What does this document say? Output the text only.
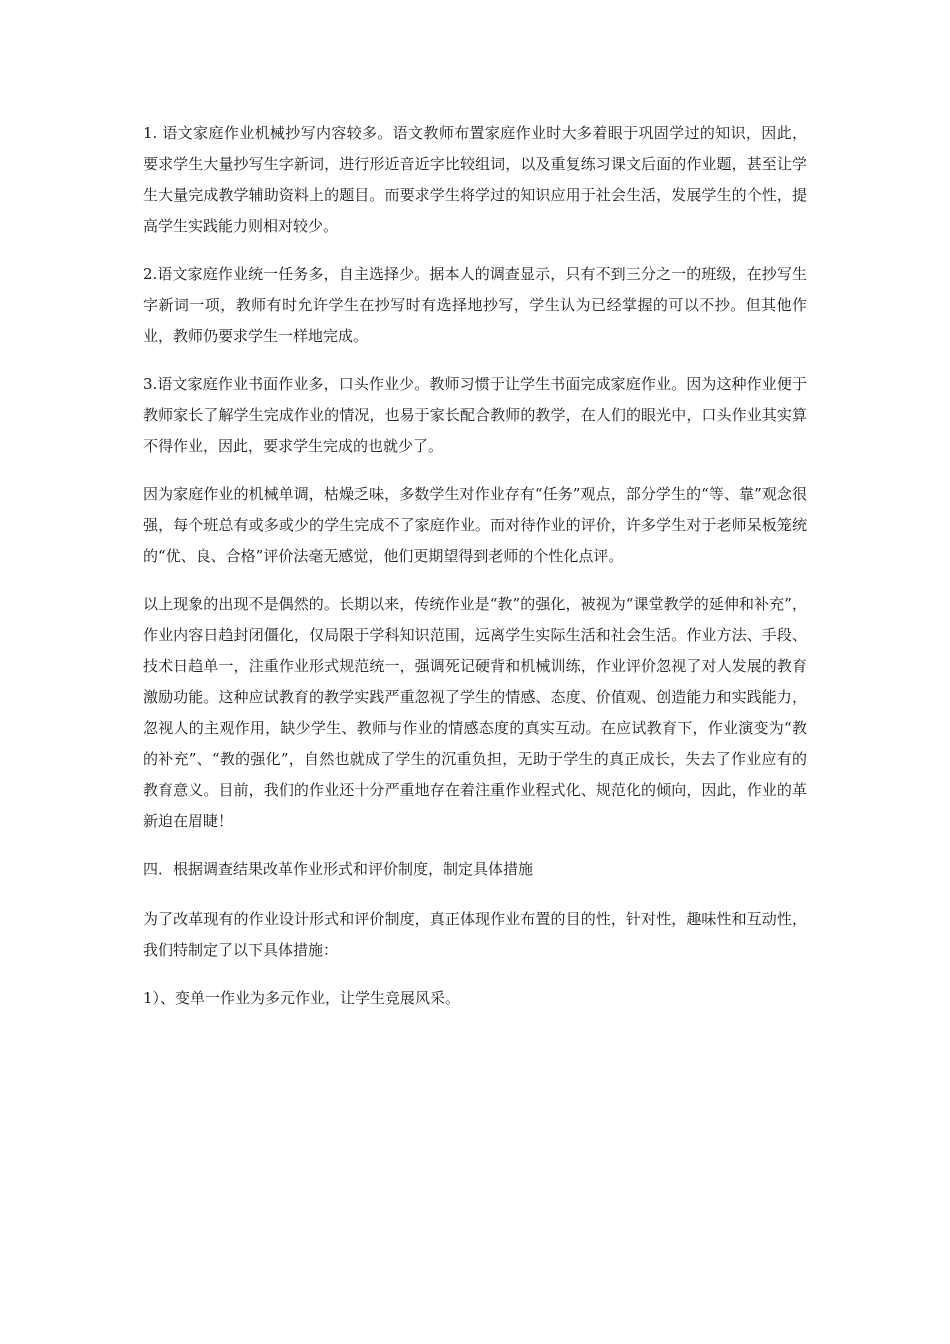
1. 语文家庭作业机械抄写内容较多。语文教师布置家庭作业时大多着眼于巩固学过的知识，因此，要求学生大量抄写生字新词，进行形近音近字比较组词，以及重复练习课文后面的作业题，甚至让学生大量完成教学辅助资料上的题目。而要求学生将学过的知识应用于社会生活，发展学生的个性，提高学生实践能力则相对较少。

2.语文家庭作业统一任务多，自主选择少。据本人的调查显示，只有不到三分之一的班级，在抄写生字新词一项，教师有时允许学生在抄写时有选择地抄写，学生认为已经掌握的可以不抄。但其他作业，教师仍要求学生一样地完成。

3.语文家庭作业书面作业多，口头作业少。教师习惯于让学生书面完成家庭作业。因为这种作业便于教师家长了解学生完成作业的情况，也易于家长配合教师的教学，在人们的眼光中，口头作业其实算不得作业，因此，要求学生完成的也就少了。

因为家庭作业的机械单调，枯燥乏味，多数学生对作业存有“任务”观点，部分学生的“等、靠”观念很强，每个班总有或多或少的学生完成不了家庭作业。而对待作业的评价，许多学生对于老师呆板笼统的“优、良、合格”评价法毫无感觉，他们更期望得到老师的个性化点评。

以上现象的出现不是偶然的。长期以来，传统作业是“教”的强化，被视为“课堂教学的延伸和补充”，作业内容日趋封闭僵化，仅局限于学科知识范围，远离学生实际生活和社会生活。作业方法、手段、技术日趋单一，注重作业形式规范统一，强调死记硬背和机械训练，作业评价忽视了对人发展的教育激励功能。这种应试教育的教学实践严重忽视了学生的情感、态度、价值观、创造能力和实践能力，忽视人的主观作用，缺少学生、教师与作业的情感态度的真实互动。在应试教育下，作业演变为“教的补充”、“教的强化”，自然也就成了学生的沉重负担，无助于学生的真正成长，失去了作业应有的教育意义。目前，我们的作业还十分严重地存在着注重作业程式化、规范化的倾向，因此，作业的革新迫在眉睫！

四．根据调查结果改革作业形式和评价制度，制定具体措施

为了改革现有的作业设计形式和评价制度，真正体现作业布置的目的性，针对性，趣味性和互动性，我们特制定了以下具体措施：

1）、变单一作业为多元作业，让学生竞展风采。
